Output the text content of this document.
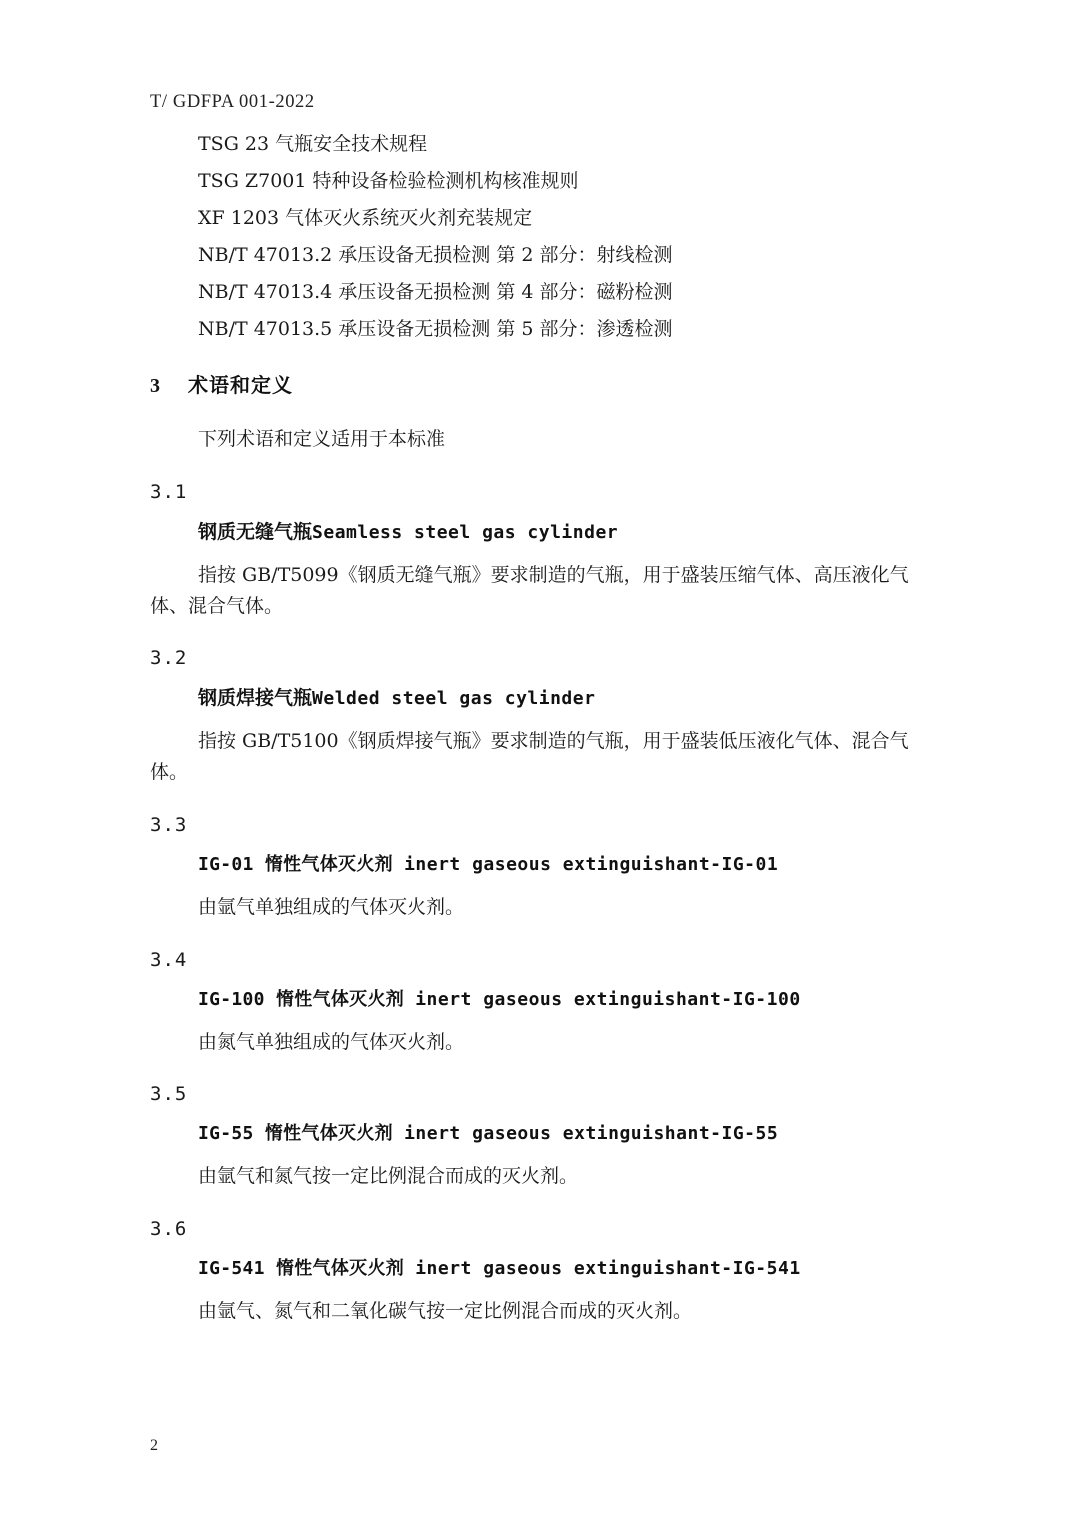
T/ GDFPA 001-2022
TSG 23 气瓶安全技术规程
TSG Z7001 特种设备检验检测机构核准规则
XF 1203 气体灭火系统灭火剂充装规定
NB/T 47013.2 承压设备无损检测 第 2 部分：射线检测
NB/T 47013.4 承压设备无损检测 第 4 部分：磁粉检测
NB/T 47013.5 承压设备无损检测 第 5 部分：渗透检测
3 术语和定义

下列术语和定义适用于本标准

3.1
钢质无缝气瓶Seamless steel gas cylinder

指按 GB/T5099《钢质无缝气瓶》要求制造的气瓶，用于盛装压缩气体、高压液化气体、混合气体。

3.2
钢质焊接气瓶Welded steel gas cylinder

指按 GB/T5100《钢质焊接气瓶》要求制造的气瓶，用于盛装低压液化气体、混合气体。

3.3
IG-01 惰性气体灭火剂 inert gaseous extinguishant-IG-01

由氩气单独组成的气体灭火剂。

3.4
IG-100 惰性气体灭火剂 inert gaseous extinguishant-IG-100

由氮气单独组成的气体灭火剂。

3.5
IG-55 惰性气体灭火剂 inert gaseous extinguishant-IG-55

由氩气和氮气按一定比例混合而成的灭火剂。

3.6
IG-541 惰性气体灭火剂 inert gaseous extinguishant-IG-541

由氩气、氮气和二氧化碳气按一定比例混合而成的灭火剂。

2
